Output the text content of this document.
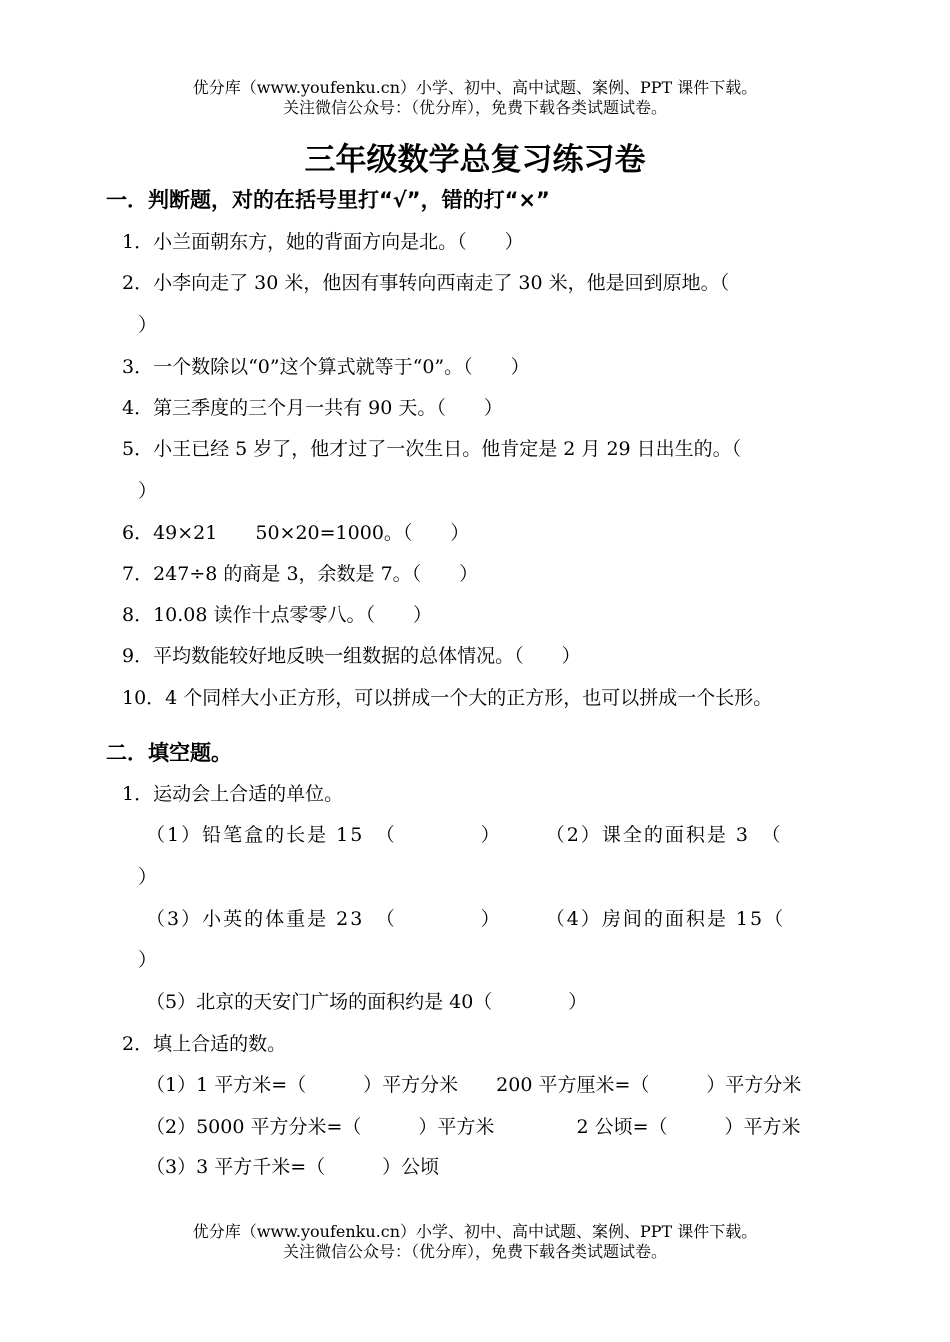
优分库（www.youfenku.cn）小学、初中、高中试题、案例、PPT 课件下载。
关注微信公众号：（优分库），免费下载各类试题试卷。
三年级数学总复习练习卷
一．判断题，对的在括号里打“√”，错的打“×”
1．小兰面朝东方，她的背面方向是北。（　　）
2．小李向走了 30 米，他因有事转向西南走了 30 米，他是回到原地。（
）
3．一个数除以“0”这个算式就等于“0”。（　　）
4．第三季度的三个月一共有 90 天。（　　）
5．小王已经 5 岁了，他才过了一次生日。他肯定是 2 月 29 日出生的。（
）
6．49×21　　50×20=1000。（　　）
7．247÷8 的商是 3，余数是 7。（　　）
8．10.08 读作十点零零八。（　　）
9．平均数能较好地反映一组数据的总体情况。（　　）
10．4 个同样大小正方形，可以拼成一个大的正方形，也可以拼成一个长形。
二．填空题。
1．运动会上合适的单位。
（1）铅笔盒的长是 15　（　　　　）　　　（2）课全的面积是 3　（
）
（3）小英的体重是 23　（　　　　）　　　（4）房间的面积是 15（
）
（5）北京的天安门广场的面积约是 40（　　　　）
2．填上合适的数。
（1）1 平方米=（　　　）平方分米　　200 平方厘米=（　　　）平方分米
（2）5000 平方分米=（　　　）平方米　　　　 2 公顷=（　　　）平方米
（3）3 平方千米=（　　　）公顷
优分库（www.youfenku.cn）小学、初中、高中试题、案例、PPT 课件下载。
关注微信公众号：（优分库），免费下载各类试题试卷。
